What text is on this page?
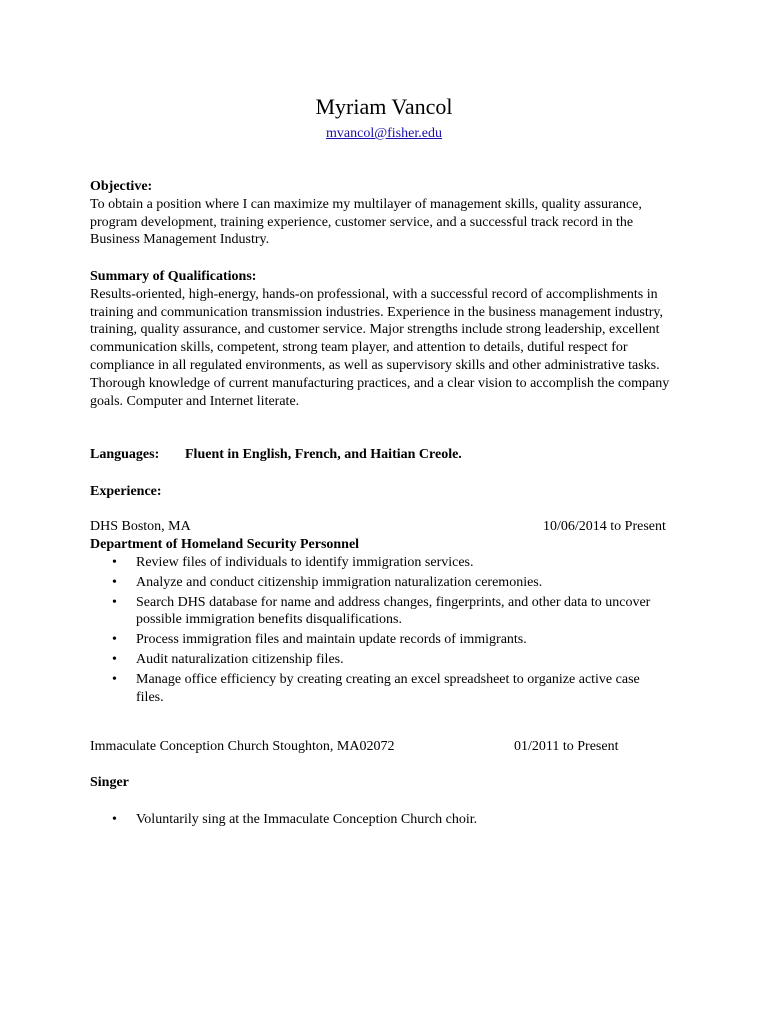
Myriam Vancol
mvancol@fisher.edu
Objective:
To obtain a position where I can maximize my multilayer of management skills, quality assurance, program development, training experience, customer service, and a successful track record in the Business Management Industry.
Summary of Qualifications:
Results-oriented, high-energy, hands-on professional, with a successful record of accomplishments in training and communication transmission industries. Experience in the business management industry, training, quality assurance, and customer service. Major strengths include strong leadership, excellent communication skills, competent, strong team player, and attention to details, dutiful respect for compliance in all regulated environments, as well as supervisory skills and other administrative tasks. Thorough knowledge of current manufacturing practices, and a clear vision to accomplish the company goals. Computer and Internet literate.
Languages: Fluent in English, French, and Haitian Creole.
Experience:
DHS Boston, MA	10/06/2014 to Present
Department of Homeland Security Personnel
• Review files of individuals to identify immigration services.
• Analyze and conduct citizenship immigration naturalization ceremonies.
• Search DHS database for name and address changes, fingerprints, and other data to uncover possible immigration benefits disqualifications.
• Process immigration files and maintain update records of immigrants.
• Audit naturalization citizenship files.
• Manage office efficiency by creating creating an excel spreadsheet to organize active case files.
Immaculate Conception Church Stoughton, MA02072	01/2011 to Present
Singer
• Voluntarily sing at the Immaculate Conception Church choir.
